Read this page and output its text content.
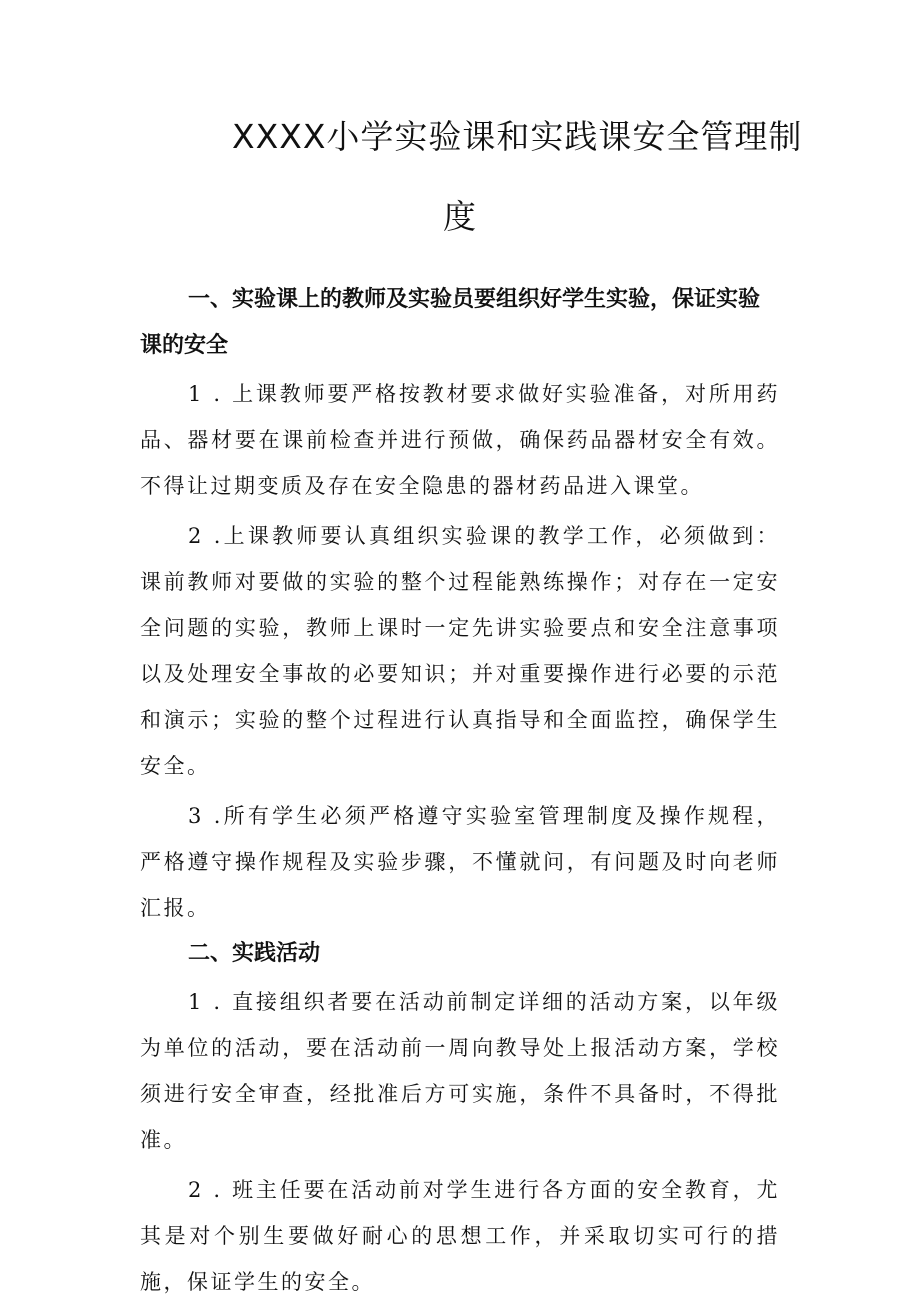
XXXX小学实验课和实践课安全管理制
度

一、实验课上的教师及实验员要组织好学生实验，保证实验课的安全

1 . 上课教师要严格按教材要求做好实验准备，对所用药品、器材要在课前检查并进行预做，确保药品器材安全有效。不得让过期变质及存在安全隐患的器材药品进入课堂。

2 .上课教师要认真组织实验课的教学工作，必须做到：课前教师对要做的实验的整个过程能熟练操作；对存在一定安全问题的实验，教师上课时一定先讲实验要点和安全注意事项以及处理安全事故的必要知识；并对重要操作进行必要的示范和演示；实验的整个过程进行认真指导和全面监控，确保学生安全。

3 .所有学生必须严格遵守实验室管理制度及操作规程，严格遵守操作规程及实验步骤，不懂就问，有问题及时向老师汇报。

二、实践活动

1 . 直接组织者要在活动前制定详细的活动方案，以年级为单位的活动，要在活动前一周向教导处上报活动方案，学校须进行安全审查，经批准后方可实施，条件不具备时，不得批准。

2 . 班主任要在活动前对学生进行各方面的安全教育，尤其是对个别生要做好耐心的思想工作，并采取切实可行的措施，保证学生的安全。
